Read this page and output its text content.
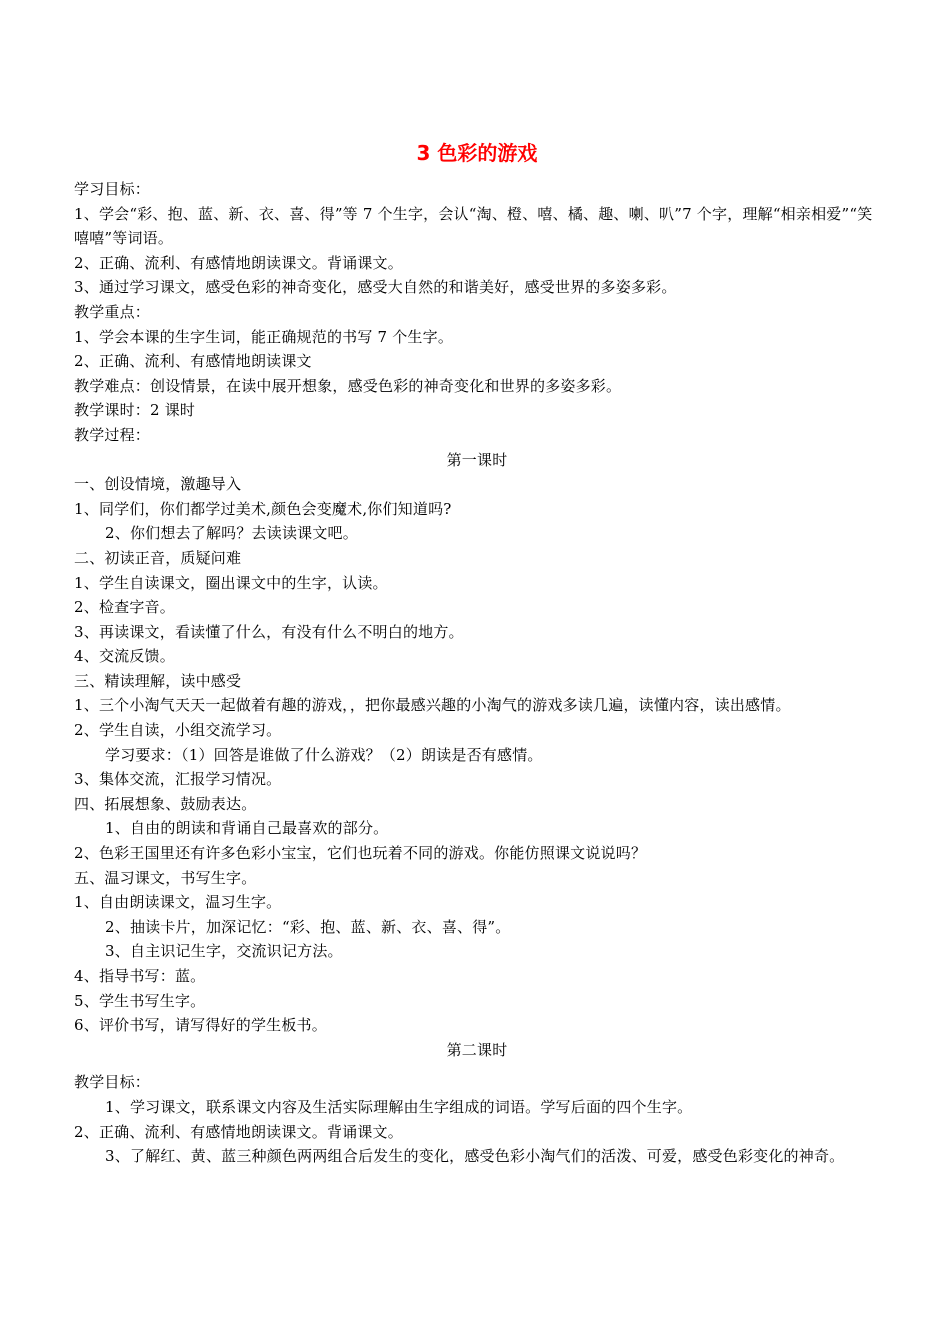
3 色彩的游戏
学习目标：
1、学会“彩、抱、蓝、新、衣、喜、得”等 7 个生字，会认“淘、橙、嘻、橘、趣、喇、叭”7 个字，理解“相亲相爱”“笑嘻嘻”等词语。
2、正确、流利、有感情地朗读课文。背诵课文。
3、通过学习课文，感受色彩的神奇变化，感受大自然的和谐美好，感受世界的多姿多彩。
教学重点：
1、学会本课的生字生词，能正确规范的书写 7 个生字。
2、正确、流利、有感情地朗读课文
教学难点：创设情景，在读中展开想象，感受色彩的神奇变化和世界的多姿多彩。
教学课时：2 课时
教学过程：
第一课时
一、创设情境，激趣导入
1、同学们，你们都学过美术,颜色会变魔术,你们知道吗?
2、你们想去了解吗？去读读课文吧。
二、初读正音，质疑问难
1、学生自读课文，圈出课文中的生字，认读。
2、检查字音。
3、再读课文，看读懂了什么，有没有什么不明白的地方。
4、交流反馈。
三、精读理解，读中感受
1、三个小淘气天天一起做着有趣的游戏，，把你最感兴趣的小淘气的游戏多读几遍，读懂内容，读出感情。
2、学生自读，小组交流学习。
学习要求：（1）回答是谁做了什么游戏？（2）朗读是否有感情。
3、集体交流，汇报学习情况。
四、拓展想象、鼓励表达。
1、自由的朗读和背诵自己最喜欢的部分。
2、色彩王国里还有许多色彩小宝宝，它们也玩着不同的游戏。你能仿照课文说说吗？
五、温习课文，书写生字。
1、自由朗读课文，温习生字。
2、抽读卡片，加深记忆：“彩、抱、蓝、新、衣、喜、得”。
3、自主识记生字，交流识记方法。
4、指导书写：蓝。
5、学生书写生字。
6、评价书写，请写得好的学生板书。
第二课时
教学目标：
1、学习课文，联系课文内容及生活实际理解由生字组成的词语。学写后面的四个生字。
2、正确、流利、有感情地朗读课文。背诵课文。
3、了解红、黄、蓝三种颜色两两组合后发生的变化，感受色彩小淘气们的活泼、可爱，感受色彩变化的神奇。
